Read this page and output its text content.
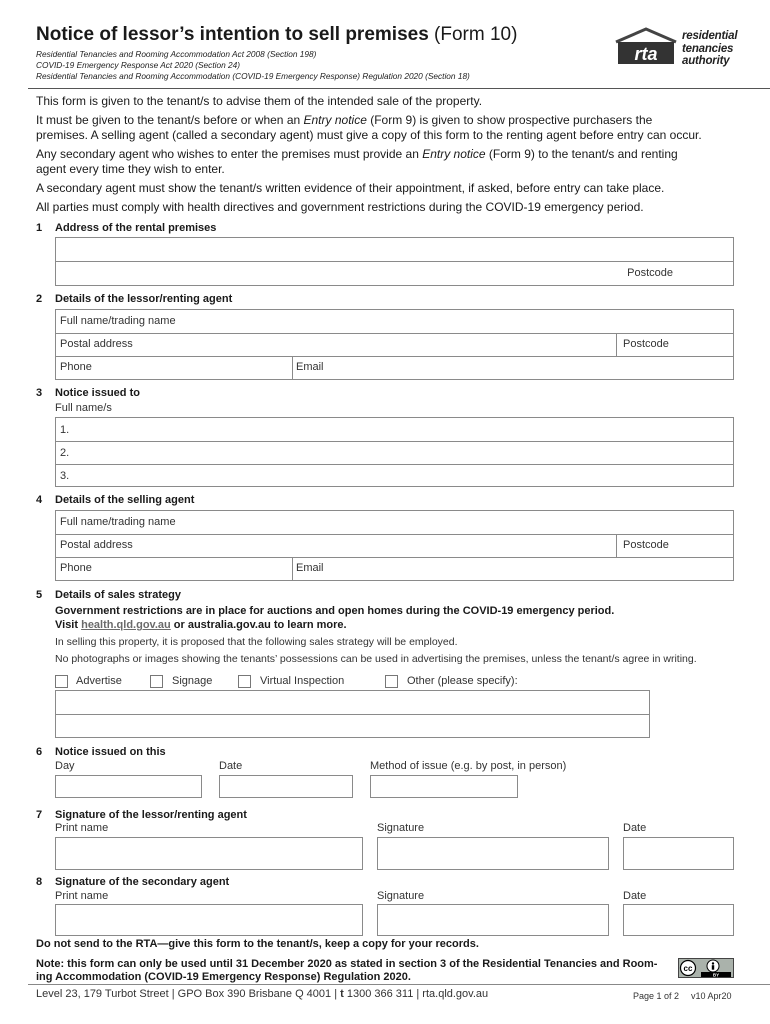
Notice of lessor’s intention to sell premises (Form 10)
Residential Tenancies and Rooming Accommodation Act 2008 (Section 198)
COVID-19 Emergency Response Act 2020 (Section 24)
Residential Tenancies and Rooming Accommodation (COVID-19 Emergency Response) Regulation 2020 (Section 18)
rta
residential
tenancies
authority
This form is given to the tenant/s to advise them of the intended sale of the property.
It must be given to the tenant/s before or when an Entry notice (Form 9) is given to show prospective purchasers the
premises. A selling agent (called a secondary agent) must give a copy of this form to the renting agent before entry can occur.
Any secondary agent who wishes to enter the premises must provide an Entry notice (Form 9) to the tenant/s and renting
agent every time they wish to enter.
A secondary agent must show the tenant/s written evidence of their appointment, if asked, before entry can take place.
All parties must comply with health directives and government restrictions during the COVID-19 emergency period.
1 Address of the rental premises
Postcode
2 Details of the lessor/renting agent
Full name/trading name
Postal address	Postcode
Phone	Email
3 Notice issued to
Full name/s
1.
2.
3.
4 Details of the selling agent
Full name/trading name
Postal address	Postcode
Phone	Email
5 Details of sales strategy
Government restrictions are in place for auctions and open homes during the COVID-19 emergency period.
Visit health.qld.gov.au or australia.gov.au to learn more.
In selling this property, it is proposed that the following sales strategy will be employed.
No photographs or images showing the tenants’ possessions can be used in advertising the premises, unless the tenant/s agree in writing.
Advertise	Signage	Virtual Inspection	Other (please specify):
6 Notice issued on this
Day	Date	Method of issue (e.g. by post, in person)
7 Signature of the lessor/renting agent
Print name	Signature	Date
8 Signature of the secondary agent
Print name	Signature	Date
Do not send to the RTA—give this form to the tenant/s, keep a copy for your records.
Note: this form can only be used until 31 December 2020 as stated in section 3 of the Residential Tenancies and Room-
ing Accommodation (COVID-19 Emergency Response) Regulation 2020.
cc
BY
Level 23, 179 Turbot Street | GPO Box 390 Brisbane Q 4001 | t 1300 366 311 | rta.qld.gov.au	Page 1 of 2 v10 Apr20
